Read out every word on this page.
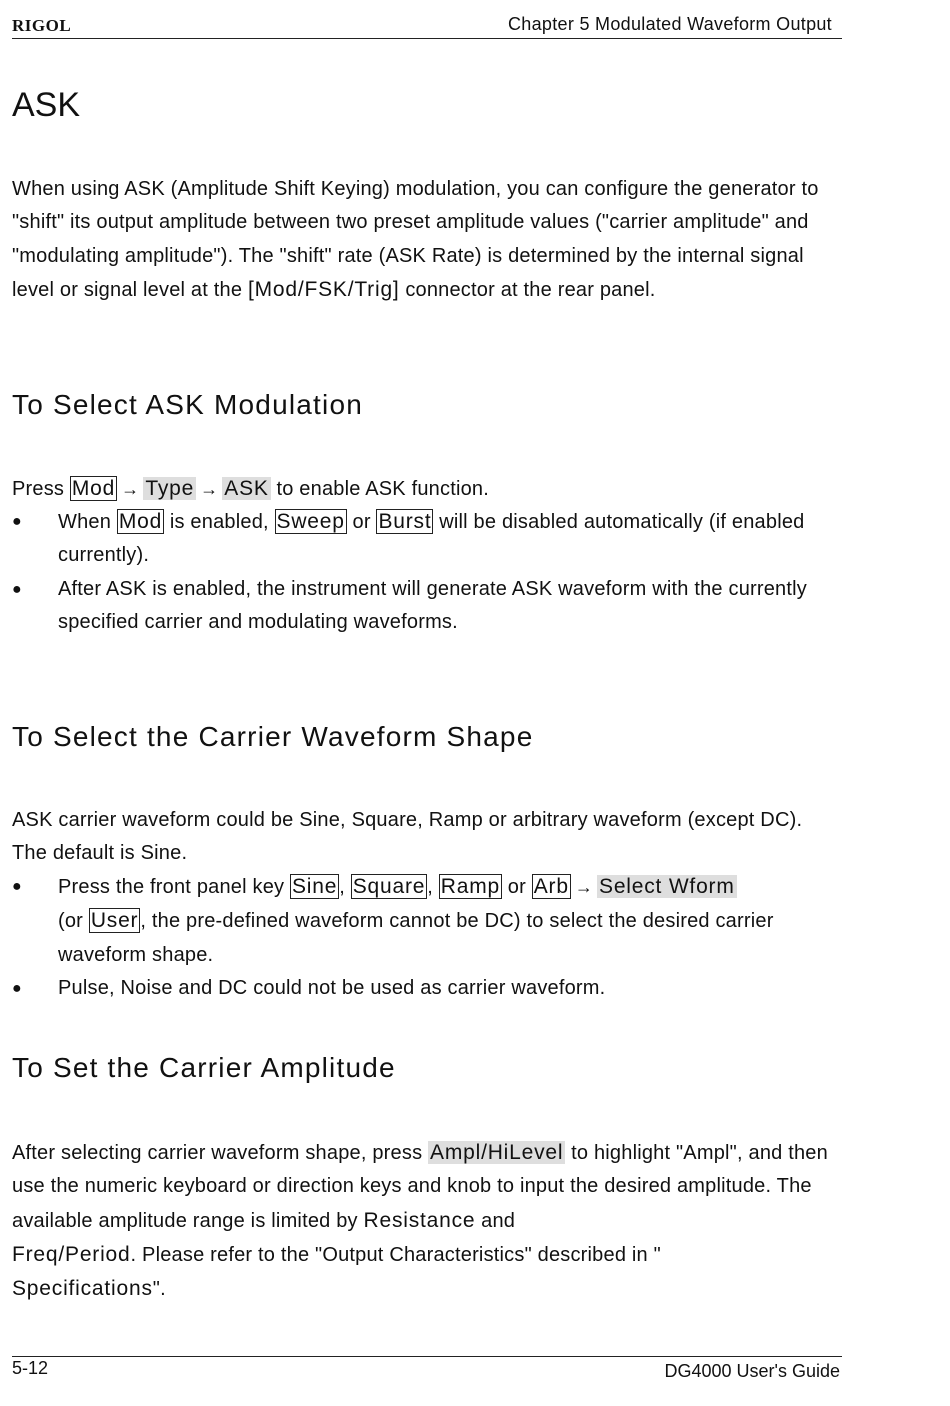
RIGOL	Chapter 5 Modulated Waveform Output
ASK

When using ASK (Amplitude Shift Keying) modulation, you can configure the generator to "shift" its output amplitude between two preset amplitude values ("carrier amplitude" and "modulating amplitude"). The "shift" rate (ASK Rate) is determined by the internal signal level or signal level at the [Mod/FSK/Trig] connector at the rear panel.

To Select ASK Modulation

Press Mod → Type → ASK to enable ASK function.

● When Mod is enabled, Sweep or Burst will be disabled automatically (if enabled currently).
● After ASK is enabled, the instrument will generate ASK waveform with the currently specified carrier and modulating waveforms.
To Select the Carrier Waveform Shape

ASK carrier waveform could be Sine, Square, Ramp or arbitrary waveform (except DC). The default is Sine.

● Press the front panel key Sine , Square , Ramp or Arb → Select Wform
(or User , the pre-defined waveform cannot be DC) to select the desired carrier waveform shape.
● Pulse, Noise and DC could not be used as carrier waveform.
To Set the Carrier Amplitude

After selecting carrier waveform shape, press Ampl/HiLevel to highlight "Ampl", and then use the numeric keyboard or direction keys and knob to input the desired amplitude. The available amplitude range is limited by Resistance and
Freq/Period. Please refer to the "Output Characteristics" described in "
Specifications".

5-12	DG4000 User's Guide
